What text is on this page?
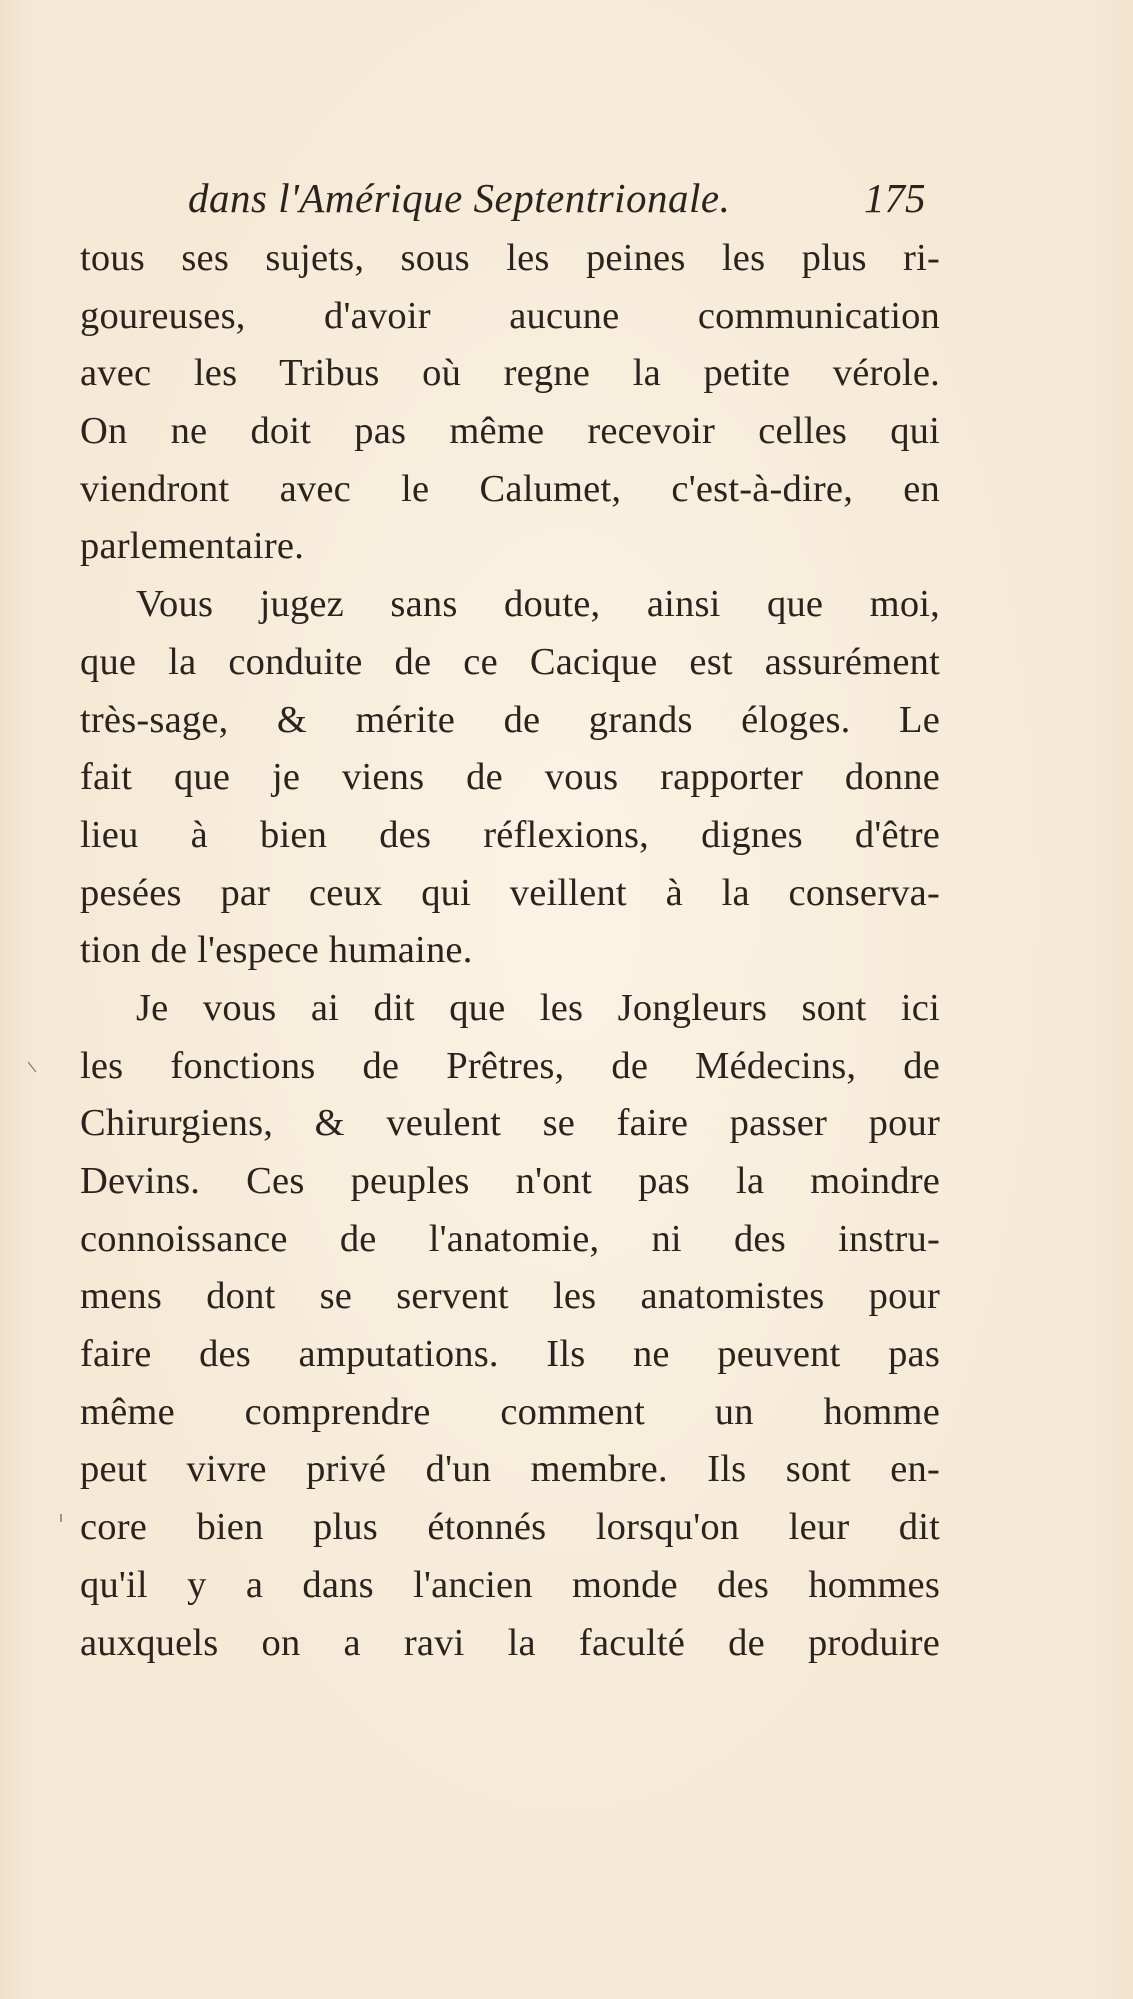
dans l'Amérique Septentrionale.	175
tous ses sujets, sous les peines les plus ri-
goureuses, d'avoir aucune communication
avec les Tribus où regne la petite vérole.
On ne doit pas même recevoir celles qui
viendront avec le Calumet, c'est-à-dire, en
parlementaire.
Vous jugez sans doute, ainsi que moi,
que la conduite de ce Cacique est assurément
très-sage, & mérite de grands éloges. Le
fait que je viens de vous rapporter donne
lieu à bien des réflexions, dignes d'être
pesées par ceux qui veillent à la conserva-
tion de l'espece humaine.
Je vous ai dit que les Jongleurs sont ici
les fonctions de Prêtres, de Médecins, de
Chirurgiens, & veulent se faire passer pour
Devins. Ces peuples n'ont pas la moindre
connoissance de l'anatomie, ni des instru-
mens dont se servent les anatomistes pour
faire des amputations. Ils ne peuvent pas
même comprendre comment un homme
peut vivre privé d'un membre. Ils sont en-
core bien plus étonnés lorsqu'on leur dit
qu'il y a dans l'ancien monde des hommes
auxquels on a ravi la faculté de produire
